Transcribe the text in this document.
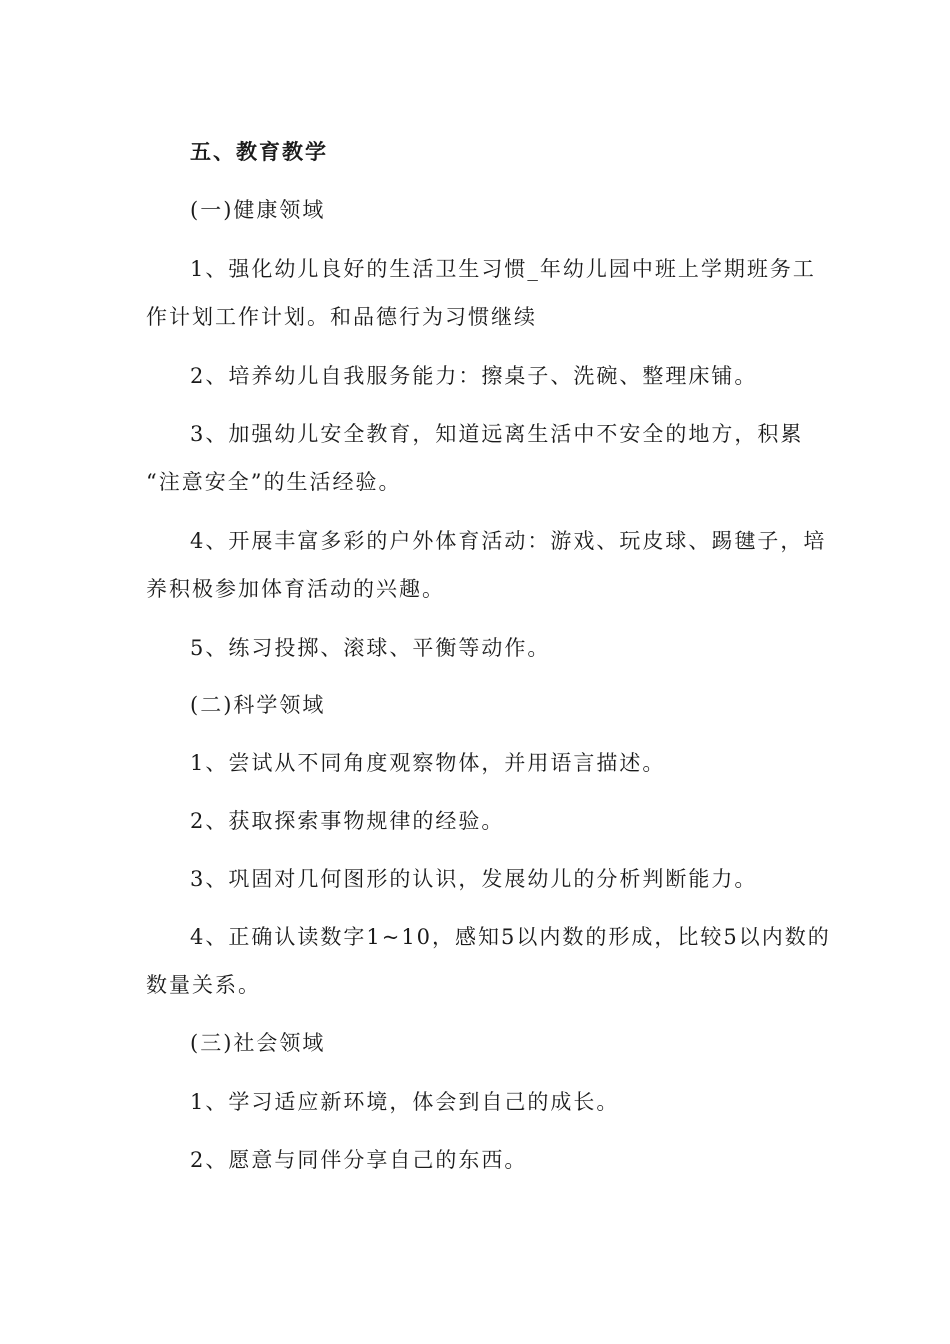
五、教育教学
(一)健康领域
1、强化幼儿良好的生活卫生习惯_年幼儿园中班上学期班务工
作计划工作计划。和品德行为习惯继续
2、培养幼儿自我服务能力：擦桌子、洗碗、整理床铺。
3、加强幼儿安全教育，知道远离生活中不安全的地方，积累
“注意安全”的生活经验。
4、开展丰富多彩的户外体育活动：游戏、玩皮球、踢毽子，培
养积极参加体育活动的兴趣。
5、练习投掷、滚球、平衡等动作。
(二)科学领域
1、尝试从不同角度观察物体，并用语言描述。
2、获取探索事物规律的经验。
3、巩固对几何图形的认识，发展幼儿的分析判断能力。
4、正确认读数字1~10，感知5以内数的形成，比较5以内数的
数量关系。
(三)社会领域
1、学习适应新环境，体会到自己的成长。
2、愿意与同伴分享自己的东西。
